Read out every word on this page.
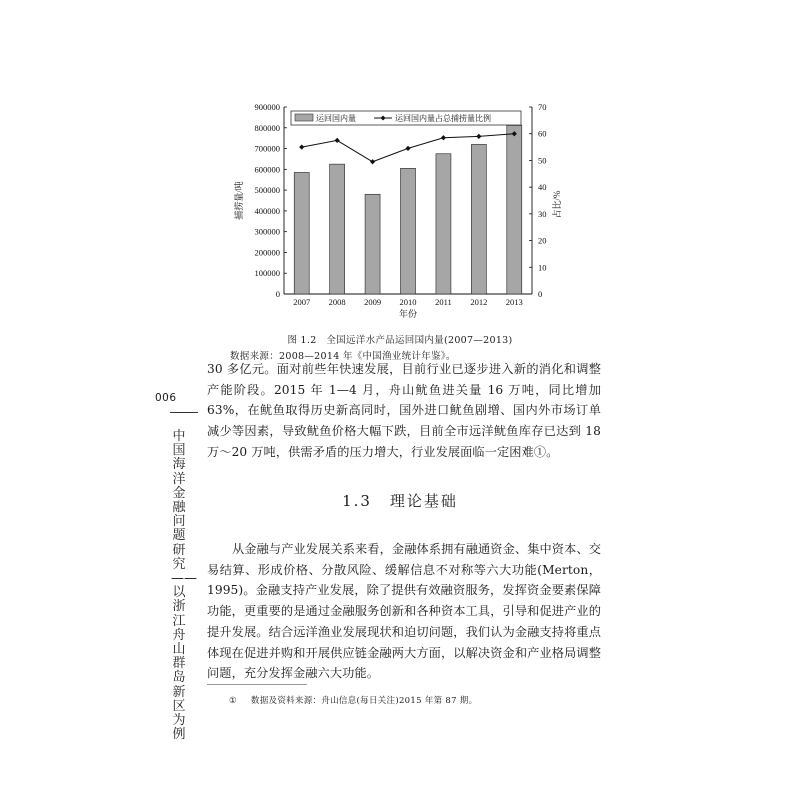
运回国内量	运回国内量占总捕捞量比例
0
100000
200000
300000
400000
500000
600000
700000
800000
900000
0
10
20
30
40
50
60
70
2007 2008 2009 2010 2011 2012 2013
年份
捕捞量/吨	占比/%
图 1.2　全国远洋水产品运回国内量(2007—2013)
数据来源：2008—2014 年《中国渔业统计年鉴》。

30 多亿元。面对前些年快速发展，目前行业已逐步进入新的消化和调整产能阶段。2015 年 1—4 月，舟山鱿鱼进关量 16 万吨，同比增加 63%，在鱿鱼取得历史新高同时，国外进口鱿鱼剧增、国内外市场订单减少等因素，导致鱿鱼价格大幅下跌，目前全市远洋鱿鱼库存已达到 18 万～20 万吨，供需矛盾的压力增大，行业发展面临一定困难①。

1.3 理论基础

从金融与产业发展关系来看，金融体系拥有融通资金、集中资本、交易结算、形成价格、分散风险、缓解信息不对称等六大功能(Merton，1995)。金融支持产业发展，除了提供有效融资服务，发挥资金要素保障功能，更重要的是通过金融服务创新和各种资本工具，引导和促进产业的提升发展。结合远洋渔业发展现状和迫切问题，我们认为金融支持将重点体现在促进并购和开展供应链金融两大方面，以解决资金和产业格局调整问题，充分发挥金融六大功能。

006
中国海洋金融问题研究——以浙江舟山群岛新区为例
① 数据及资料来源：舟山信息(每日关注)2015 年第 87 期。
